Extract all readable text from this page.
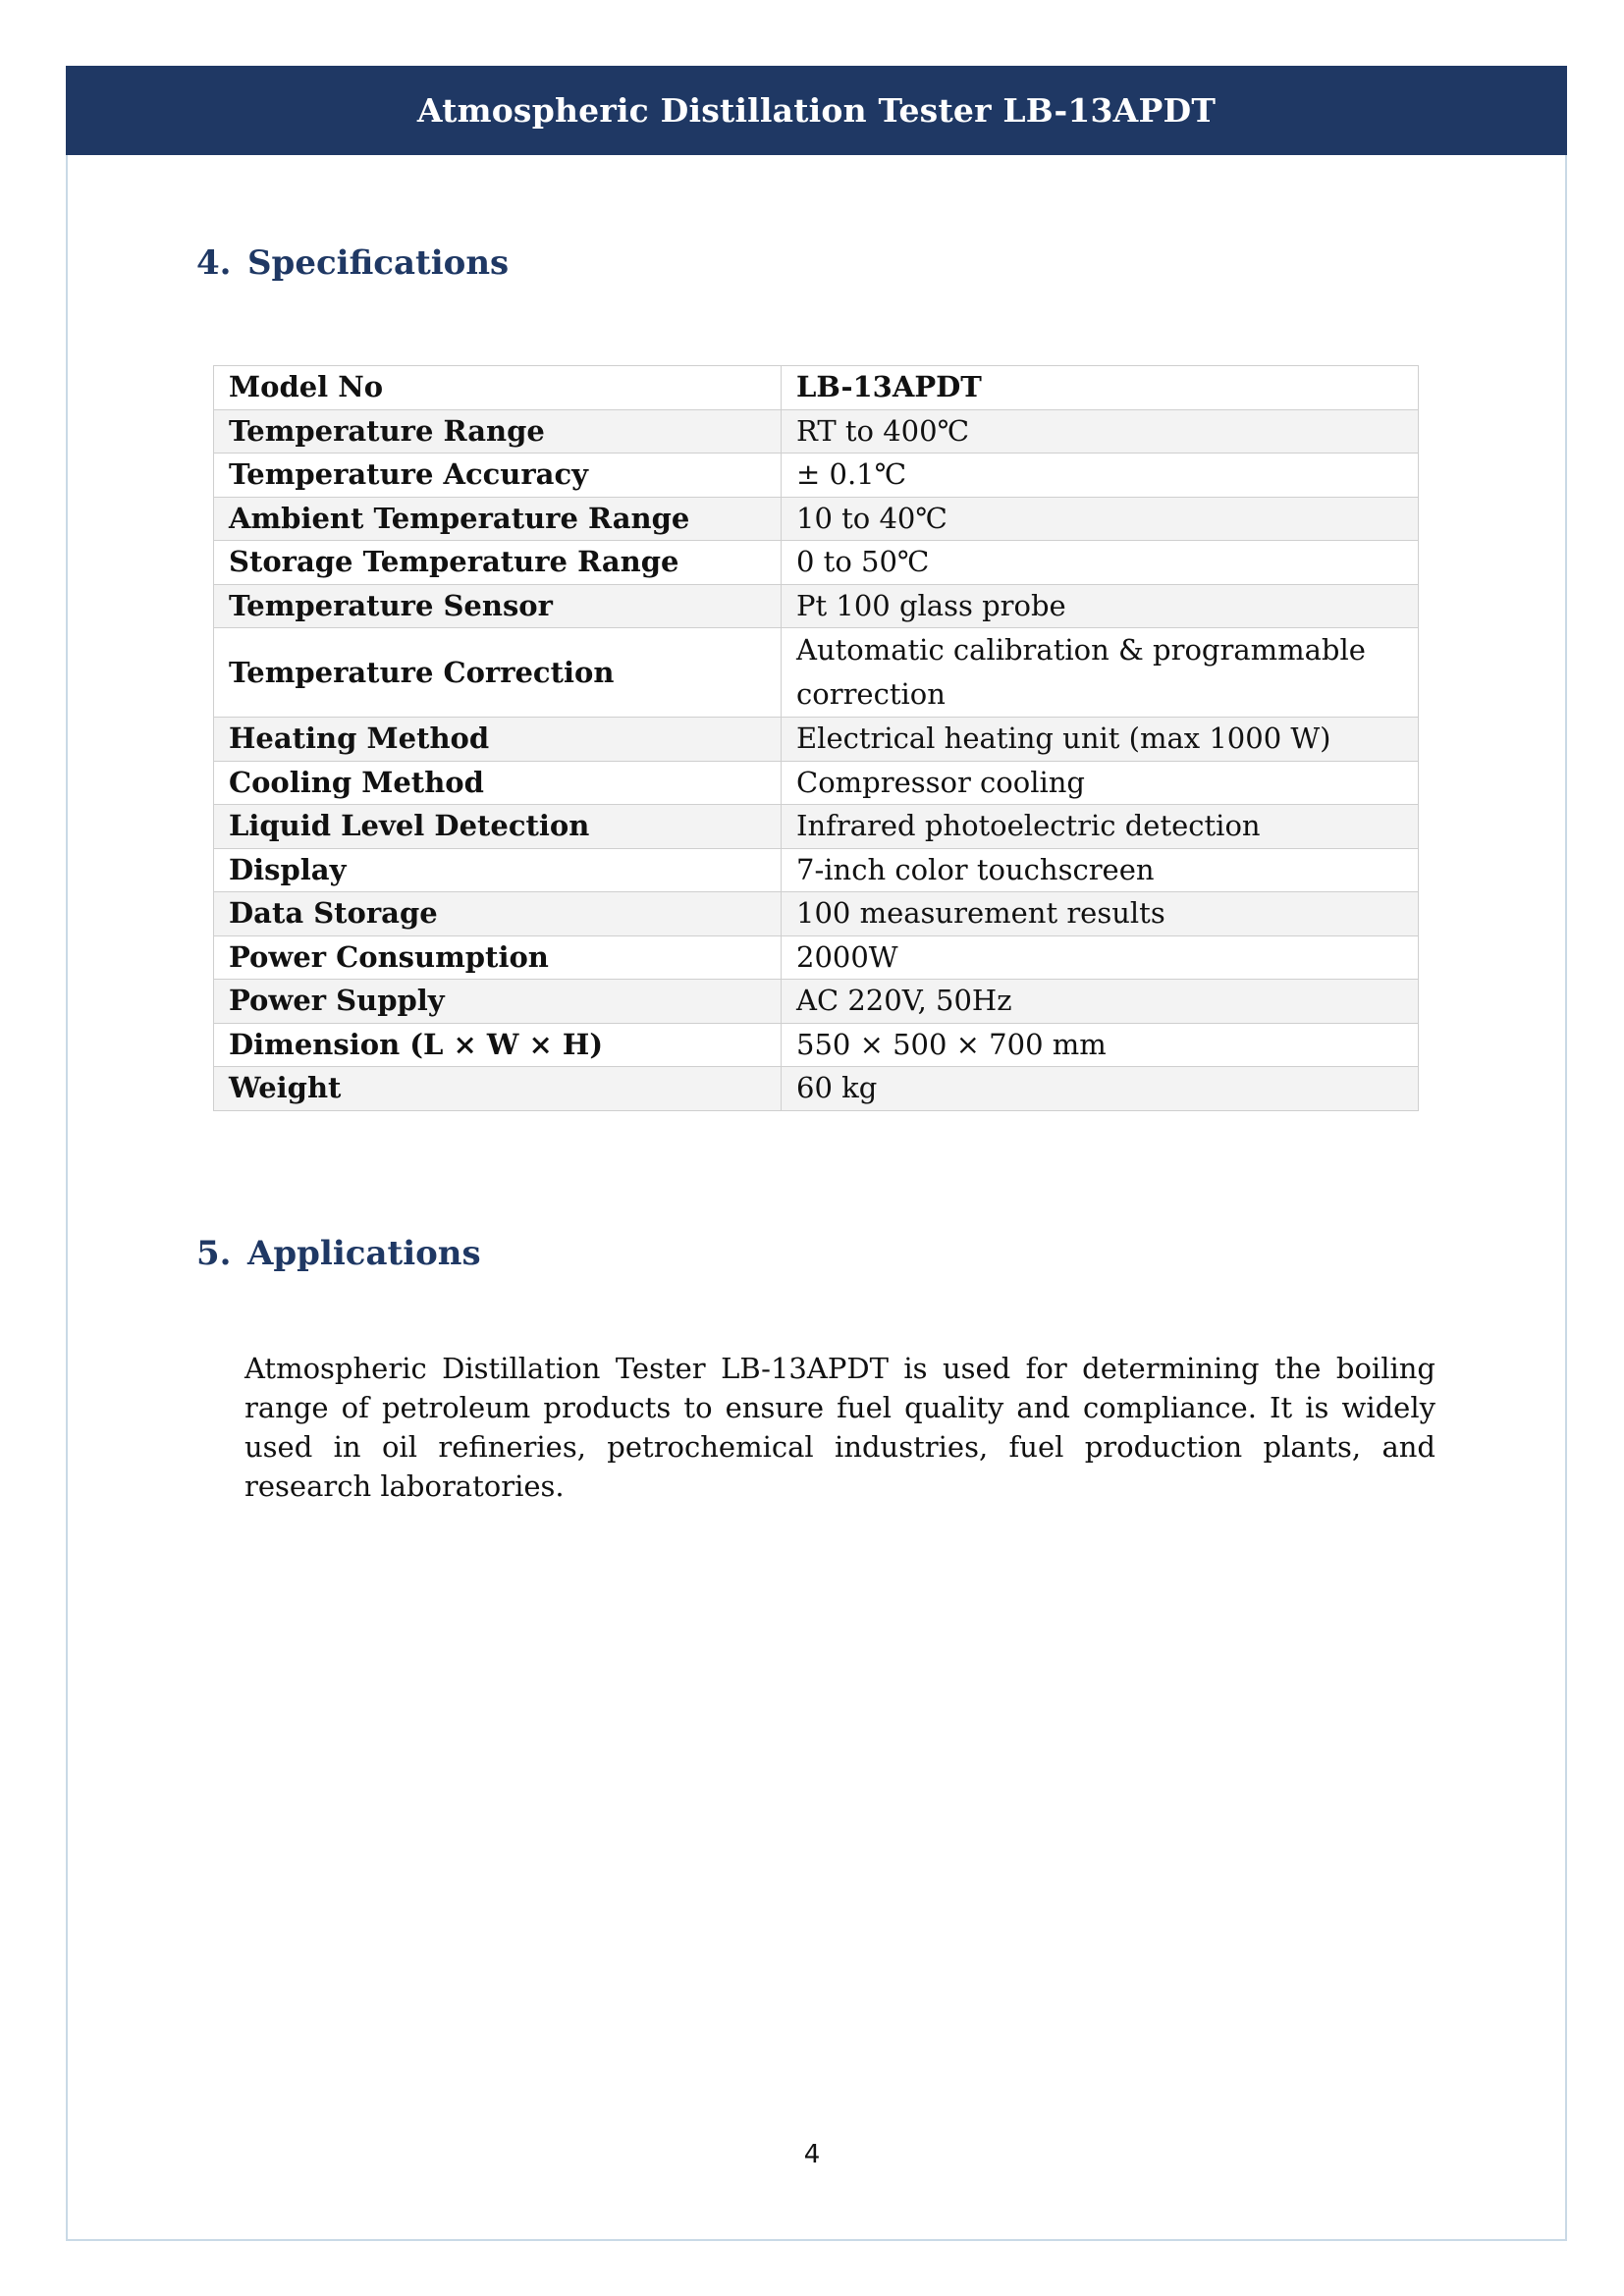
Atmospheric Distillation Tester LB-13APDT
4. Specifications
Model No	LB-13APDT
Temperature Range	RT to 400℃
Temperature Accuracy	± 0.1℃
Ambient Temperature Range	10 to 40℃
Storage Temperature Range	0 to 50℃
Temperature Sensor	Pt 100 glass probe
Temperature Correction	Automatic calibration & programmable correction
Heating Method	Electrical heating unit (max 1000 W)
Cooling Method	Compressor cooling
Liquid Level Detection	Infrared photoelectric detection
Display	7-inch color touchscreen
Data Storage	100 measurement results
Power Consumption	2000W
Power Supply	AC 220V, 50Hz
Dimension (L × W × H)	550 × 500 × 700 mm
Weight	60 kg
5. Applications

Atmospheric Distillation Tester LB-13APDT is used for determining the boiling range of petroleum products to ensure fuel quality and compliance. It is widely used in oil refineries, petrochemical industries, fuel production plants, and research laboratories.

4
